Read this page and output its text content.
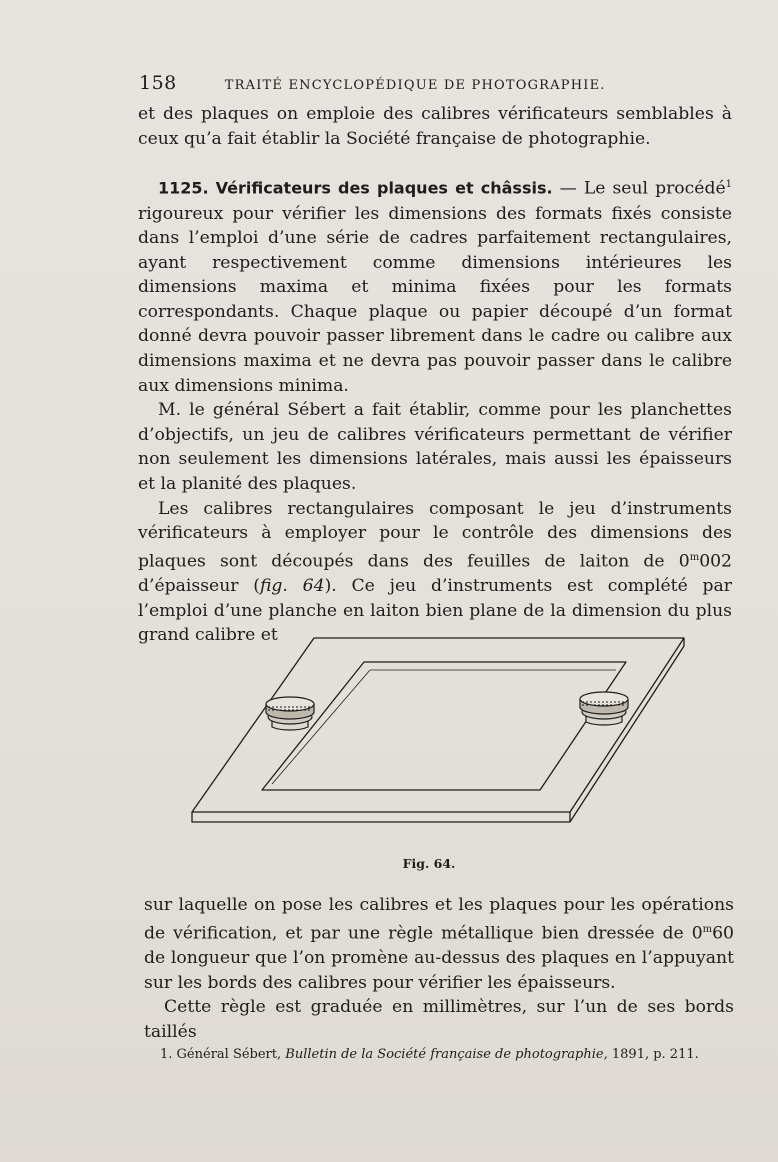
158	TRAITÉ ENCYCLOPÉDIQUE DE PHOTOGRAPHIE.

et des plaques on emploie des calibres vérificateurs semblables à ceux qu’a fait établir la Société française de photographie.

1125. Vérificateurs des plaques et châssis. — Le seul procédé$^1$ rigoureux pour vérifier les dimensions des formats fixés consiste dans l’emploi d’une série de cadres parfaitement rectangulaires, ayant respectivement comme dimensions intérieures les dimensions maxima et minima fixées pour les formats correspondants. Chaque plaque ou papier découpé d’un format donné devra pouvoir passer librement dans le cadre ou calibre aux dimensions maxima et ne devra pas pouvoir passer dans le calibre aux dimensions minima.

M. le général Sébert a fait établir, comme pour les planchettes d’objectifs, un jeu de calibres vérificateurs permettant de vérifier non seulement les dimensions latérales, mais aussi les épaisseurs et la planité des plaques.

Les calibres rectangulaires composant le jeu d’instruments vérificateurs à employer pour le contrôle des dimensions des plaques sont découpés dans des feuilles de laiton de 0$^m$002 d’épaisseur (fig. 64). Ce jeu d’instruments est complété par l’emploi d’une planche en laiton bien plane de la dimension du plus grand calibre et

Fig. 64.

sur laquelle on pose les calibres et les plaques pour les opérations de vérification, et par une règle métallique bien dressée de 0$^m$60 de longueur que l’on promène au-dessus des plaques en l’appuyant sur les bords des calibres pour vérifier les épaisseurs.

Cette règle est graduée en millimètres, sur l’un de ses bords taillés

1. Général Sébert, Bulletin de la Société française de photographie, 1891, p. 211.
